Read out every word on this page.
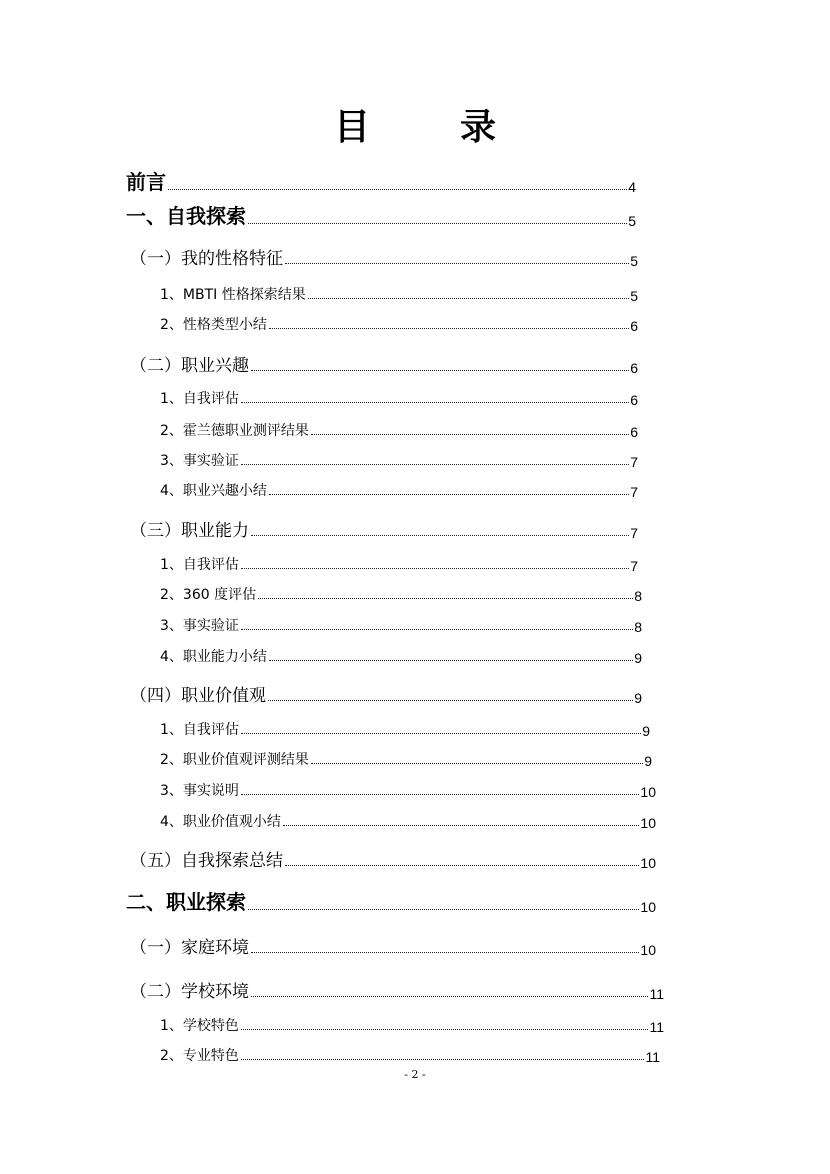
目	录
前言	4
一、自我探索	5
（一）我的性格特征	5
1、MBTI 性格探索结果	5
2、性格类型小结	6
（二）职业兴趣	6
1、自我评估	6
2、霍兰德职业测评结果	6
3、事实验证	7
4、职业兴趣小结	7
（三）职业能力	7
1、自我评估	7
2、360 度评估	8
3、事实验证	8
4、职业能力小结	9
（四）职业价值观	9
1、自我评估	9
2、职业价值观评测结果	9
3、事实说明	10
4、职业价值观小结	10
（五）自我探索总结	10
二、职业探索	10
（一）家庭环境	10
（二）学校环境	11
1、学校特色	11
2、专业特色	11
- 2 -
